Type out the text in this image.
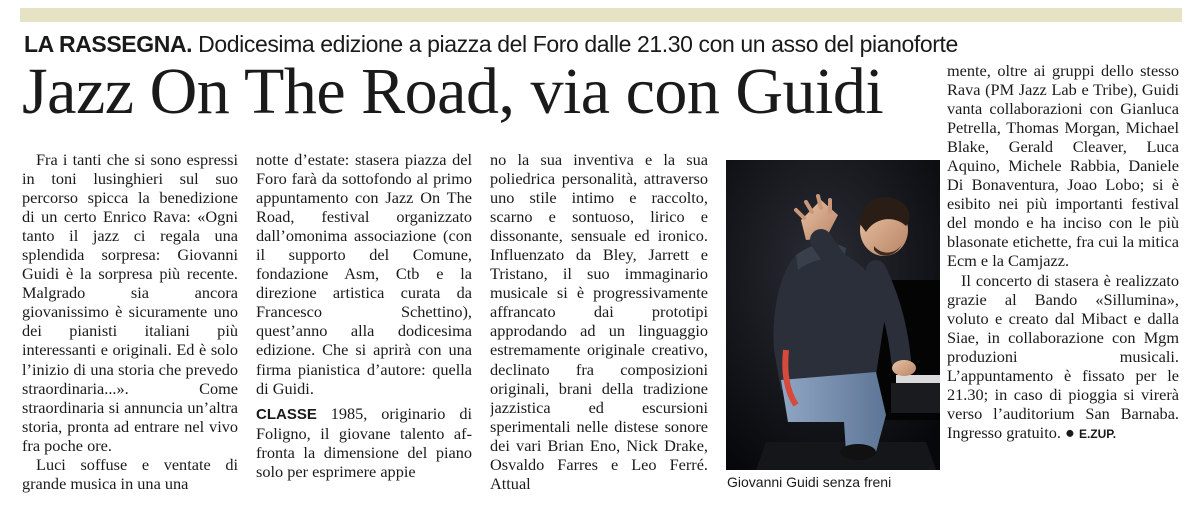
LA RASSEGNA. Dodicesima edizione a piazza del Foro dalle 21.30 con un asso del pianoforte
Jazz On The Road, via con Guidi

Fra i tanti che si sono espressi in toni lusinghieri sul suo percorso spicca la benedizione di un certo Enrico Rava: «Ogni tanto il jazz ci regala una splendida sorpresa: Giovanni Guidi è la sorpresa più recente. Malgrado sia ancora giovanissimo è sicuramente uno dei pianisti italiani più interessanti e originali. Ed è solo l’inizio di una storia che prevedo straordinaria...». Come straordinaria si annuncia un’altra storia, pronta ad entrare nel vivo fra poche ore.

Luci soffuse e ventate di grande musica in una una

notte d’estate: stasera piazza del Foro farà da sottofondo al primo appuntamento con Jazz On The Road, festival organizzato dall’omonima associazione (con il supporto del Comune, fondazione Asm, Ctb e la direzione artistica curata da Francesco Schettino), quest’anno alla dodicesima edizione. Che si aprirà con una firma pianistica d’autore: quella di Guidi.

CLASSE 1985, originario di Foligno, il giovane talento affronta la dimensione del piano solo per esprimere appie

no la sua inventiva e la sua poliedrica personalità, attraverso uno stile intimo e raccolto, scarno e sontuoso, lirico e dissonante, sensuale ed ironico. Influenzato da Bley, Jarrett e Tristano, il suo immaginario musicale si è progressivamente affrancato dai prototipi approdando ad un linguaggio estremamente originale creativo, declinato fra composizioni originali, brani della tradizione jazzistica ed escursioni sperimentali nelle distese sonore dei vari Brian Eno, Nick Drake, Osvaldo Farres e Leo Ferré. Attual	Giovanni Guidi senza freni

mente, oltre ai gruppi dello stesso Rava (PM Jazz Lab e Tribe), Guidi vanta collaborazioni con Gianluca Petrella, Thomas Morgan, Michael Blake, Gerald Cleaver, Luca Aquino, Michele Rabbia, Daniele Di Bonaventura, Joao Lobo; si è esibito nei più importanti festival del mondo e ha inciso con le più blasonate etichette, fra cui la mitica Ecm e la Camjazz.

Il concerto di stasera è realizzato grazie al Bando «Sillumina», voluto e creato dal Mibact e dalla Siae, in collaborazione con Mgm produzioni musicali. L’appuntamento è fissato per le 21.30; in caso di pioggia si virerà verso l’auditorium San Barnaba. Ingresso gratuito. ● E.ZUP.
